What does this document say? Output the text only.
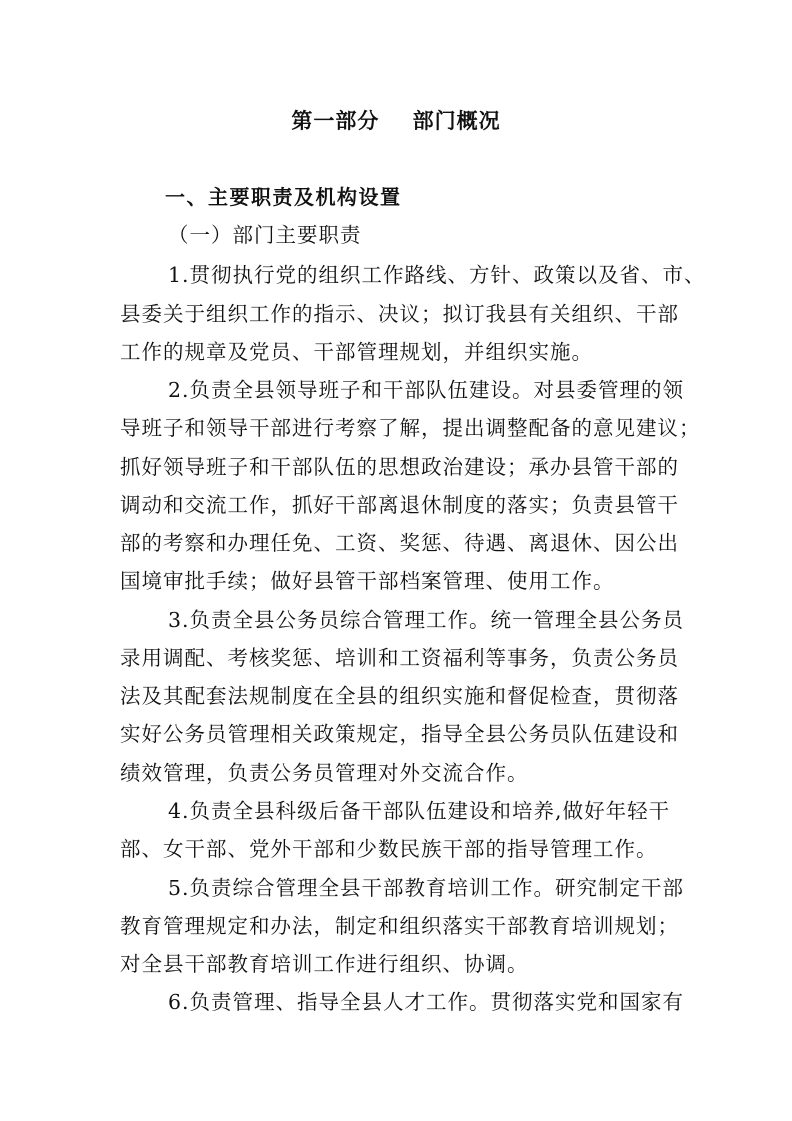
第一部分    部门概况
一、主要职责及机构设置
（一）部门主要职责
1.贯彻执行党的组织工作路线、方针、政策以及省、市、
县委关于组织工作的指示、决议；拟订我县有关组织、干部
工作的规章及党员、干部管理规划，并组织实施。
2.负责全县领导班子和干部队伍建设。对县委管理的领
导班子和领导干部进行考察了解，提出调整配备的意见建议；
抓好领导班子和干部队伍的思想政治建设；承办县管干部的
调动和交流工作，抓好干部离退休制度的落实；负责县管干
部的考察和办理任免、工资、奖惩、待遇、离退休、因公出
国境审批手续；做好县管干部档案管理、使用工作。
3.负责全县公务员综合管理工作。统一管理全县公务员
录用调配、考核奖惩、培训和工资福利等事务，负责公务员
法及其配套法规制度在全县的组织实施和督促检查，贯彻落
实好公务员管理相关政策规定，指导全县公务员队伍建设和
绩效管理，负责公务员管理对外交流合作。
4.负责全县科级后备干部队伍建设和培养,做好年轻干
部、女干部、党外干部和少数民族干部的指导管理工作。
5.负责综合管理全县干部教育培训工作。研究制定干部
教育管理规定和办法，制定和组织落实干部教育培训规划；
对全县干部教育培训工作进行组织、协调。
6.负责管理、指导全县人才工作。贯彻落实党和国家有
